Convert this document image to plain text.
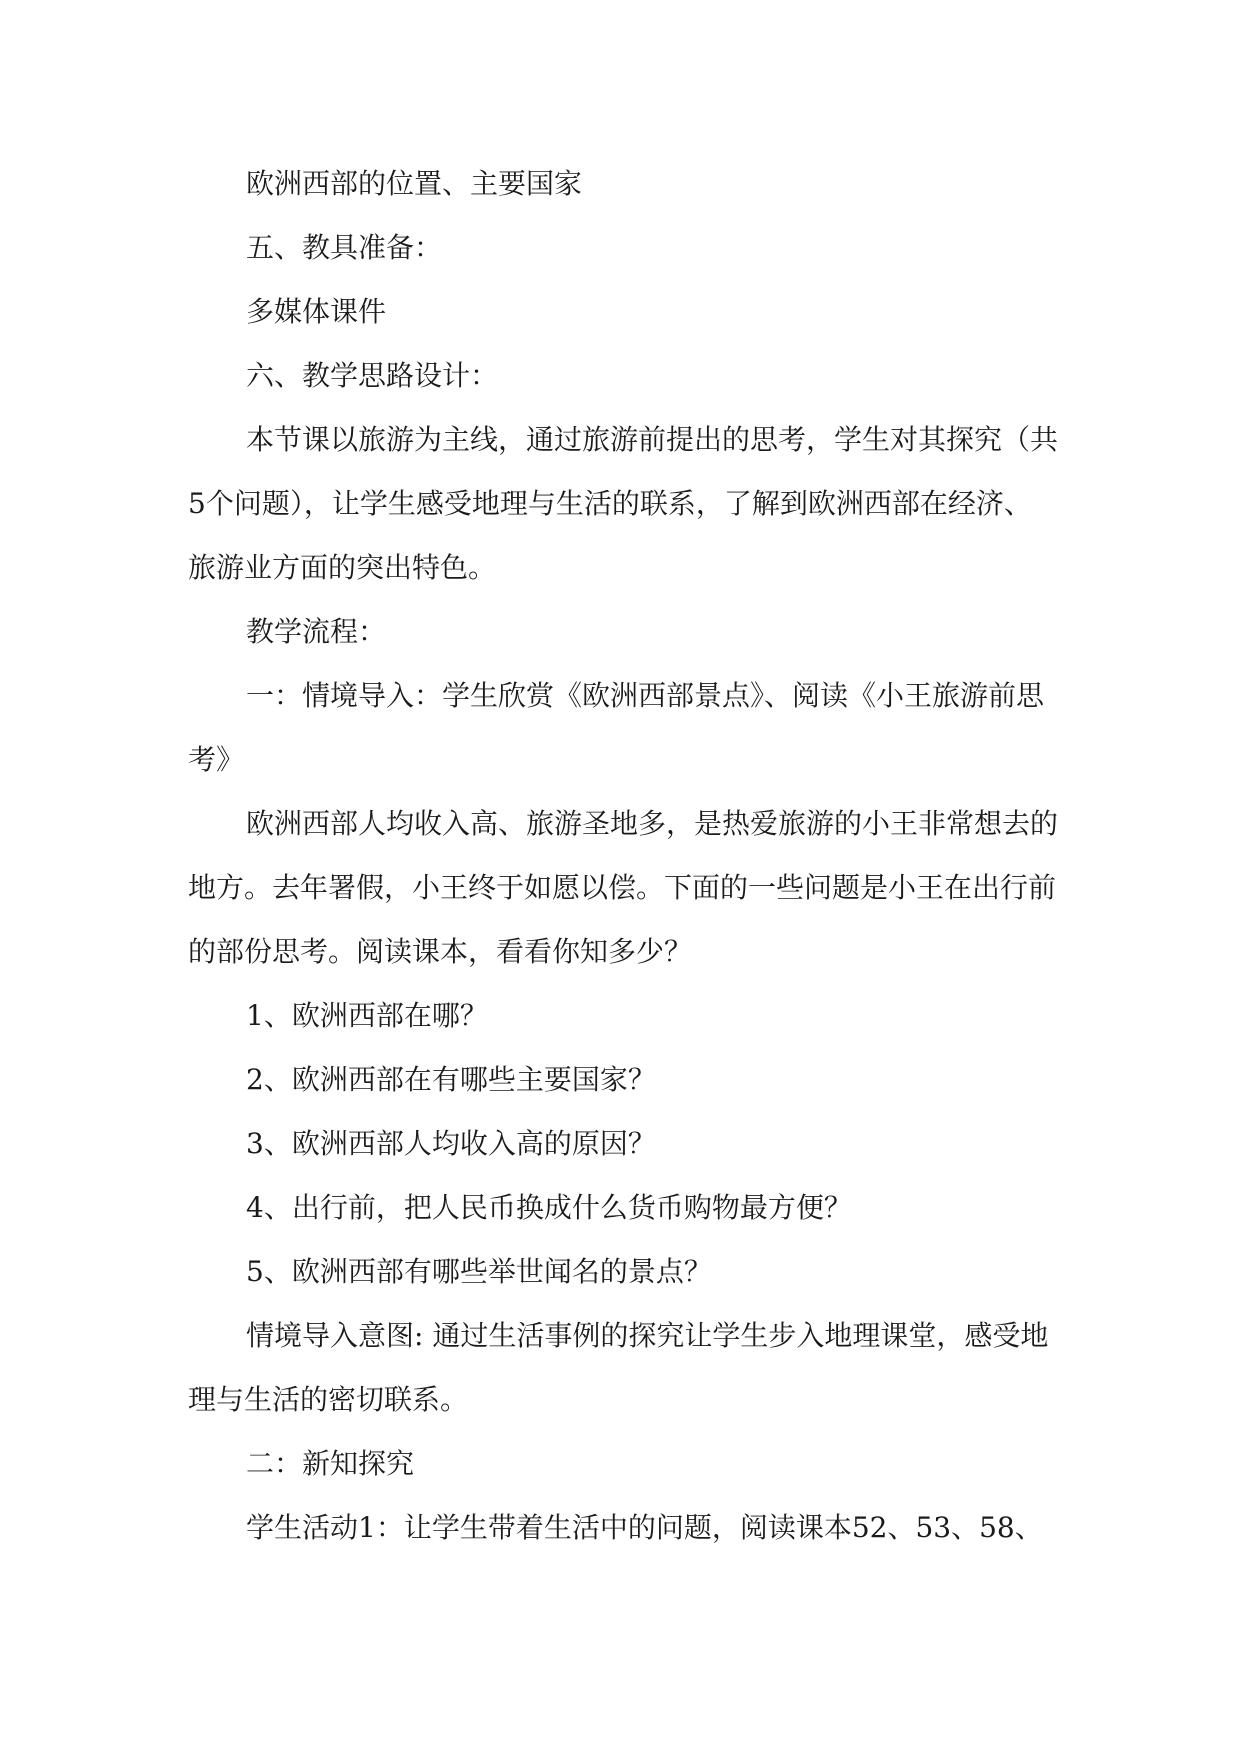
欧洲西部的位置、主要国家

五、教具准备：

多媒体课件

六、教学思路设计：

本节课以旅游为主线，通过旅游前提出的思考，学生对其探究（共5个问题），让学生感受地理与生活的联系，了解到欧洲西部在经济、旅游业方面的突出特色。

教学流程：

一：情境导入：学生欣赏《欧洲西部景点》、阅读《小王旅游前思考》

欧洲西部人均收入高、旅游圣地多，是热爱旅游的小王非常想去的地方。去年署假，小王终于如愿以偿。下面的一些问题是小王在出行前的部份思考。阅读课本，看看你知多少？

1、欧洲西部在哪？

2、欧洲西部在有哪些主要国家？

3、欧洲西部人均收入高的原因？

4、出行前，把人民币换成什么货币购物最方便？

5、欧洲西部有哪些举世闻名的景点？

情境导入意图: 通过生活事例的探究让学生步入地理课堂，感受地理与生活的密切联系。

二：新知探究

学生活动1：让学生带着生活中的问题，阅读课本52、53、58、
